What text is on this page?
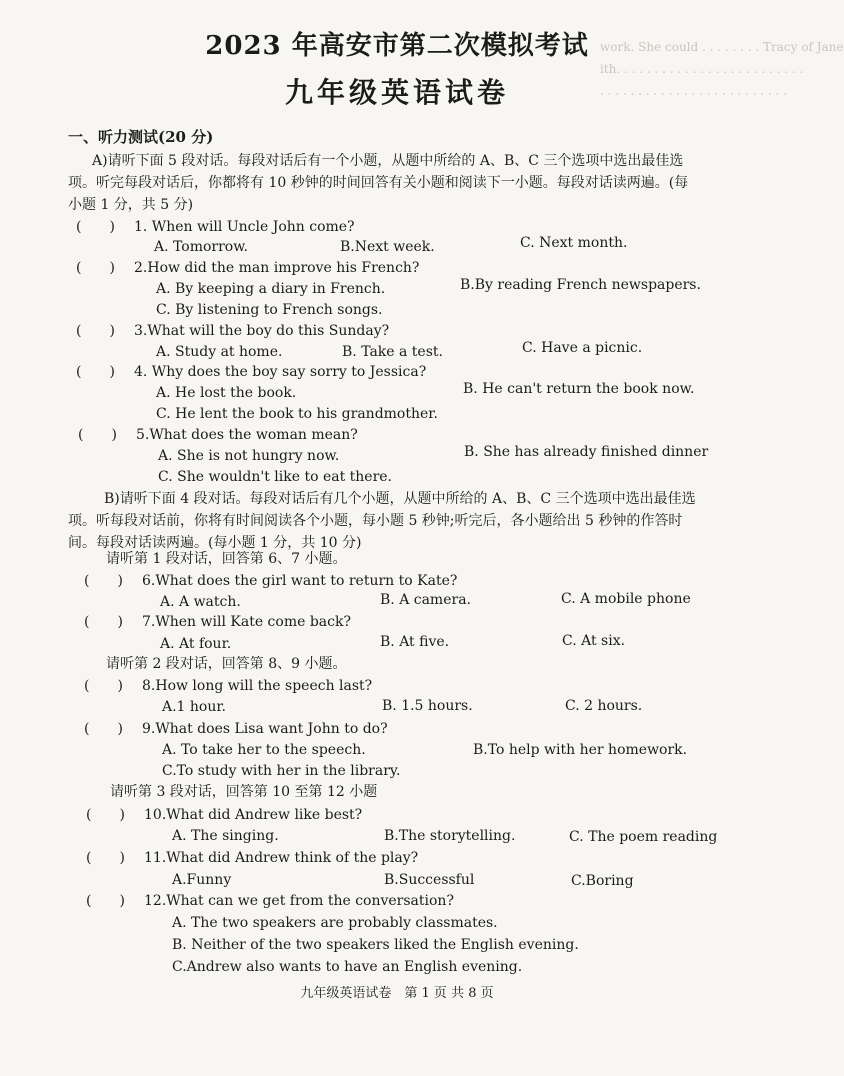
work. She could . . . . . . . . Tracy of Jane
ith. . . . . . . . . . . . . . . . . . . . . . . . .
. . . . . . . . . . . . . . . . . . . . . . . . .
2023 年高安市第二次模拟考试
九年级英语试卷
一、听力测试(20 分)
A)请听下面 5 段对话。每段对话后有一个小题，从题中所给的 A、B、C 三个选项中选出最佳选
项。听完每段对话后，你都将有 10 秒钟的时间回答有关小题和阅读下一小题。每段对话读两遍。(每
小题 1 分，共 5 分)
(　　) 1. When will Uncle John come?
A. Tomorrow.	B.Next week.	C. Next month.
(　　) 2.How did the man improve his French?
A. By keeping a diary in French.	B.By reading French newspapers.
C. By listening to French songs.
(　　) 3.What will the boy do this Sunday?
A. Study at home.	B. Take a test.	C. Have a picnic.
(　　) 4. Why does the boy say sorry to Jessica?
A. He lost the book.	B. He can't return the book now.
C. He lent the book to his grandmother.
(　　) 5.What does the woman mean?
A. She is not hungry now.	B. She has already finished dinner
C. She wouldn't like to eat there.
B)请听下面 4 段对话。每段对话后有几个小题，从题中所给的 A、B、C 三个选项中选出最佳选
项。听每段对话前，你将有时间阅读各个小题，每小题 5 秒钟;听完后，各小题给出 5 秒钟的作答时
间。每段对话读两遍。(每小题 1 分，共 10 分)
请听第 1 段对话，回答第 6、7 小题。
(　　) 6.What does the girl want to return to Kate?
A. A watch.	B. A camera.	C. A mobile phone
(　　) 7.When will Kate come back?
A. At four.	B. At five.	C. At six.
请听第 2 段对话，回答第 8、9 小题。
(　　) 8.How long will the speech last?
A.1 hour.	B. 1.5 hours.	C. 2 hours.
(　　) 9.What does Lisa want John to do?
A. To take her to the speech.	B.To help with her homework.
C.To study with her in the library.
请听第 3 段对话，回答第 10 至第 12 小题
(　　) 10.What did Andrew like best?
A. The singing.	B.The storytelling.	C. The poem reading
(　　) 11.What did Andrew think of the play?
A.Funny	B.Successful	C.Boring
(　　) 12.What can we get from the conversation?
A. The two speakers are probably classmates.
B. Neither of the two speakers liked the English evening.
C.Andrew also wants to have an English evening.
九年级英语试卷　第 1 页 共 8 页
